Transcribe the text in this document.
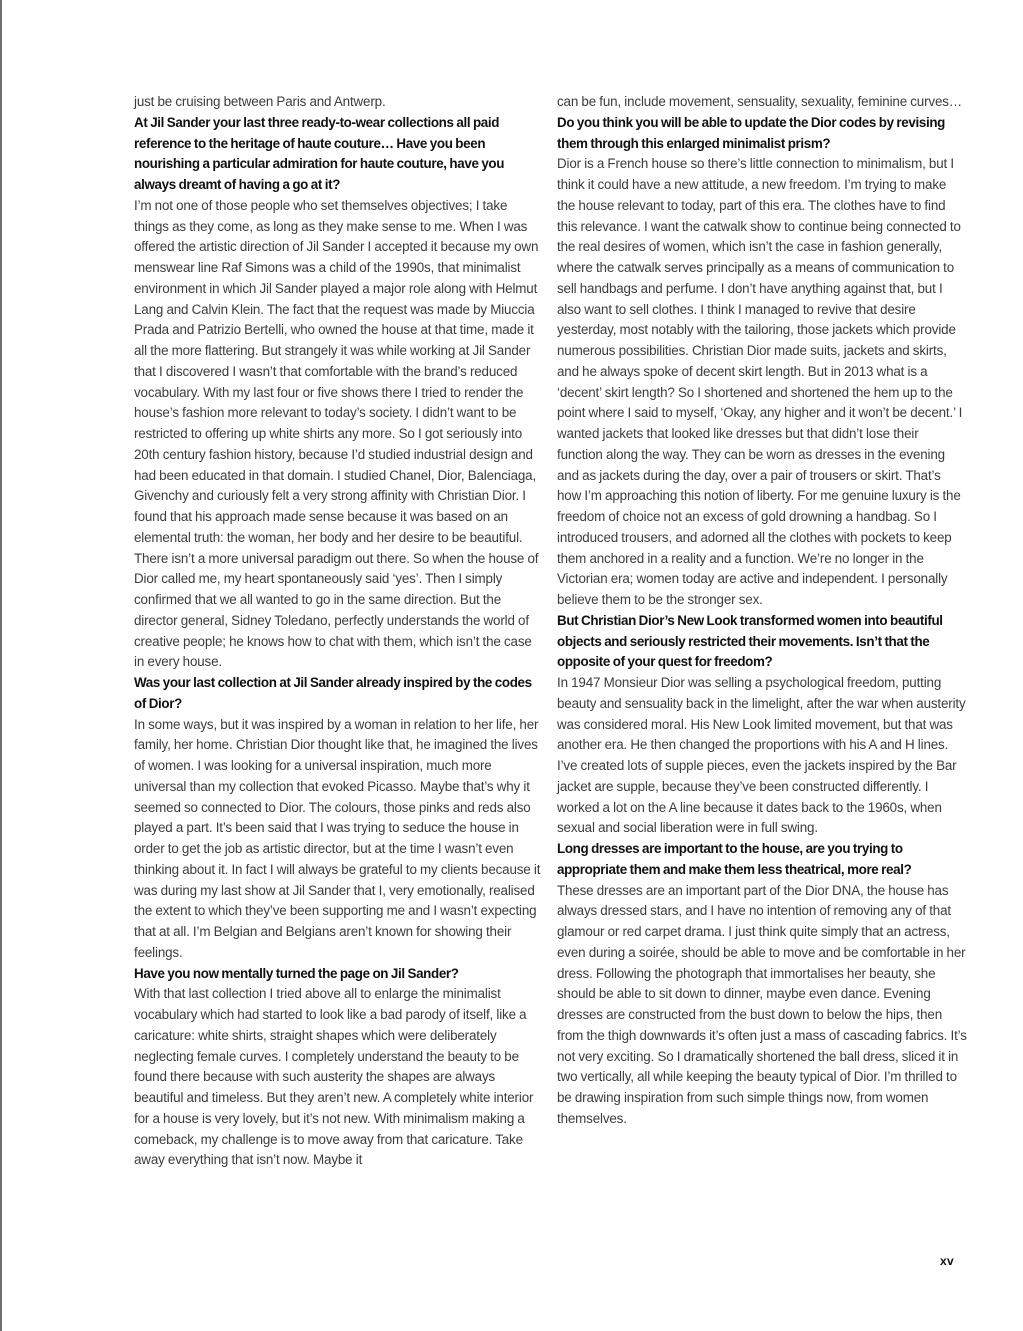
just be cruising between Paris and Antwerp.

At Jil Sander your last three ready-to-wear collections all paid reference to the heritage of haute couture… Have you been nourishing a particular admiration for haute couture, have you always dreamt of having a go at it?

I’m not one of those people who set themselves objectives; I take things as they come, as long as they make sense to me. When I was offered the artistic direction of Jil Sander I accepted it because my own menswear line Raf Simons was a child of the 1990s, that minimalist environment in which Jil Sander played a major role along with Helmut Lang and Calvin Klein. The fact that the request was made by Miuccia Prada and Patrizio Bertelli, who owned the house at that time, made it all the more flattering. But strangely it was while working at Jil Sander that I discovered I wasn’t that comfortable with the brand’s reduced vocabulary. With my last four or five shows there I tried to render the house’s fashion more relevant to today’s society. I didn’t want to be restricted to offering up white shirts any more. So I got seriously into 20th century fashion history, because I’d studied industrial design and had been educated in that domain. I studied Chanel, Dior, Balenciaga, Givenchy and curiously felt a very strong affinity with Christian Dior. I found that his approach made sense because it was based on an elemental truth: the woman, her body and her desire to be beautiful. There isn’t a more universal paradigm out there. So when the house of Dior called me, my heart spontaneously said ‘yes’. Then I simply confirmed that we all wanted to go in the same direction. But the director general, Sidney Toledano, perfectly understands the world of creative people; he knows how to chat with them, which isn’t the case in every house.

Was your last collection at Jil Sander already inspired by the codes of Dior?

In some ways, but it was inspired by a woman in relation to her life, her family, her home. Christian Dior thought like that, he imagined the lives of women. I was looking for a universal inspiration, much more universal than my collection that evoked Picasso. Maybe that’s why it seemed so connected to Dior. The colours, those pinks and reds also played a part. It’s been said that I was trying to seduce the house in order to get the job as artistic director, but at the time I wasn’t even thinking about it. In fact I will always be grateful to my clients because it was during my last show at Jil Sander that I, very emotionally, realised the extent to which they’ve been supporting me and I wasn’t expecting that at all. I’m Belgian and Belgians aren’t known for showing their feelings.

Have you now mentally turned the page on Jil Sander?

With that last collection I tried above all to enlarge the minimalist vocabulary which had started to look like a bad parody of itself, like a caricature: white shirts, straight shapes which were deliberately neglecting female curves. I completely understand the beauty to be found there because with such austerity the shapes are always beautiful and timeless. But they aren’t new. A completely white interior for a house is very lovely, but it’s not new. With minimalism making a comeback, my challenge is to move away from that caricature. Take away everything that isn’t now. Maybe it

can be fun, include movement, sensuality, sexuality, feminine curves…

Do you think you will be able to update the Dior codes by revising them through this enlarged minimalist prism?

Dior is a French house so there’s little connection to minimalism, but I think it could have a new attitude, a new freedom. I’m trying to make the house relevant to today, part of this era. The clothes have to find this relevance. I want the catwalk show to continue being connected to the real desires of women, which isn’t the case in fashion generally, where the catwalk serves principally as a means of communication to sell handbags and perfume. I don’t have anything against that, but I also want to sell clothes. I think I managed to revive that desire yesterday, most notably with the tailoring, those jackets which provide numerous possibilities. Christian Dior made suits, jackets and skirts, and he always spoke of decent skirt length. But in 2013 what is a ‘decent’ skirt length? So I shortened and shortened the hem up to the point where I said to myself, ‘Okay, any higher and it won’t be decent.’ I wanted jackets that looked like dresses but that didn’t lose their function along the way. They can be worn as dresses in the evening and as jackets during the day, over a pair of trousers or skirt. That’s how I’m approaching this notion of liberty. For me genuine luxury is the freedom of choice not an excess of gold drowning a handbag. So I introduced trousers, and adorned all the clothes with pockets to keep them anchored in a reality and a function. We’re no longer in the Victorian era; women today are active and independent. I personally believe them to be the stronger sex.

But Christian Dior’s New Look transformed women into beautiful objects and seriously restricted their movements. Isn’t that the opposite of your quest for freedom?

In 1947 Monsieur Dior was selling a psychological freedom, putting beauty and sensuality back in the limelight, after the war when austerity was considered moral. His New Look limited movement, but that was another era. He then changed the proportions with his A and H lines. I’ve created lots of supple pieces, even the jackets inspired by the Bar jacket are supple, because they’ve been constructed differently. I worked a lot on the A line because it dates back to the 1960s, when sexual and social liberation were in full swing.

Long dresses are important to the house, are you trying to appropriate them and make them less theatrical, more real?

These dresses are an important part of the Dior DNA, the house has always dressed stars, and I have no intention of removing any of that glamour or red carpet drama. I just think quite simply that an actress, even during a soirée, should be able to move and be comfortable in her dress. Following the photograph that immortalises her beauty, she should be able to sit down to dinner, maybe even dance. Evening dresses are constructed from the bust down to below the hips, then from the thigh downwards it’s often just a mass of cascading fabrics. It’s not very exciting. So I dramatically shortened the ball dress, sliced it in two vertically, all while keeping the beauty typical of Dior. I’m thrilled to be drawing inspiration from such simple things now, from women themselves.

xv
